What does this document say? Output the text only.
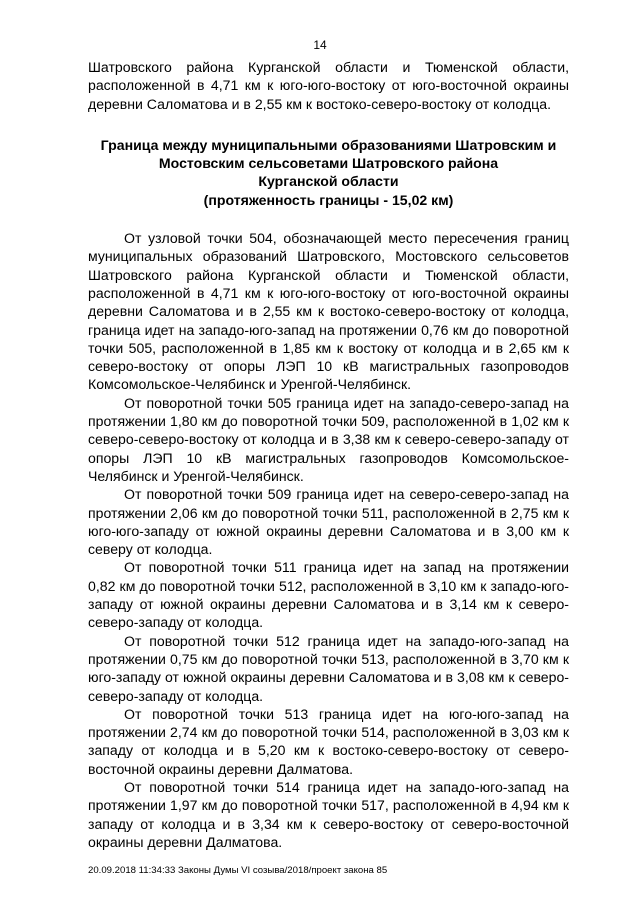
14

Шатровского района Курганской области и Тюменской области, расположенной в 4,71 км к юго-юго-востоку от юго-восточной окраины деревни Саломатова и в 2,55 км к востоко-северо-востоку от колодца.

Граница между муниципальными образованиями Шатровским и
Мостовским сельсоветами Шатровского района
Курганской области
(протяженность границы - 15,02 км)

От узловой точки 504, обозначающей место пересечения границ муниципальных образований Шатровского, Мостовского сельсоветов Шатровского района Курганской области и Тюменской области, расположенной в 4,71 км к юго-юго-востоку от юго-восточной окраины деревни Саломатова и в 2,55 км к востоко-северо-востоку от колодца, граница идет на западо-юго-запад на протяжении 0,76 км до поворотной точки 505, расположенной в 1,85 км к востоку от колодца и в 2,65 км к северо-востоку от опоры ЛЭП 10 кВ магистральных газопроводов Комсомольское-Челябинск и Уренгой-Челябинск.

От поворотной точки 505 граница идет на западо-северо-запад на протяжении 1,80 км до поворотной точки 509, расположенной в 1,02 км к северо-северо-востоку от колодца и в 3,38 км к северо-северо-западу от опоры ЛЭП 10 кВ магистральных газопроводов Комсомольское-Челябинск и Уренгой-Челябинск.

От поворотной точки 509 граница идет на северо-северо-запад на протяжении 2,06 км до поворотной точки 511, расположенной в 2,75 км к юго-юго-западу от южной окраины деревни Саломатова и в 3,00 км к северу от колодца.

От поворотной точки 511 граница идет на запад на протяжении 0,82 км до поворотной точки 512, расположенной в 3,10 км к западо-юго-западу от южной окраины деревни Саломатова и в 3,14 км к северо-северо-западу от колодца.

От поворотной точки 512 граница идет на западо-юго-запад на протяжении 0,75 км до поворотной точки 513, расположенной в 3,70 км к юго-западу от южной окраины деревни Саломатова и в 3,08 км к северо-северо-западу от колодца.

От поворотной точки 513 граница идет на юго-юго-запад на протяжении 2,74 км до поворотной точки 514, расположенной в 3,03 км к западу от колодца и в 5,20 км к востоко-северо-востоку от северо-восточной окраины деревни Далматова.

От поворотной точки 514 граница идет на западо-юго-запад на протяжении 1,97 км до поворотной точки 517, расположенной в 4,94 км к западу от колодца и в 3,34 км к северо-востоку от северо-восточной окраины деревни Далматова.

20.09.2018 11:34:33 Законы Думы VI созыва/2018/проект закона 85
